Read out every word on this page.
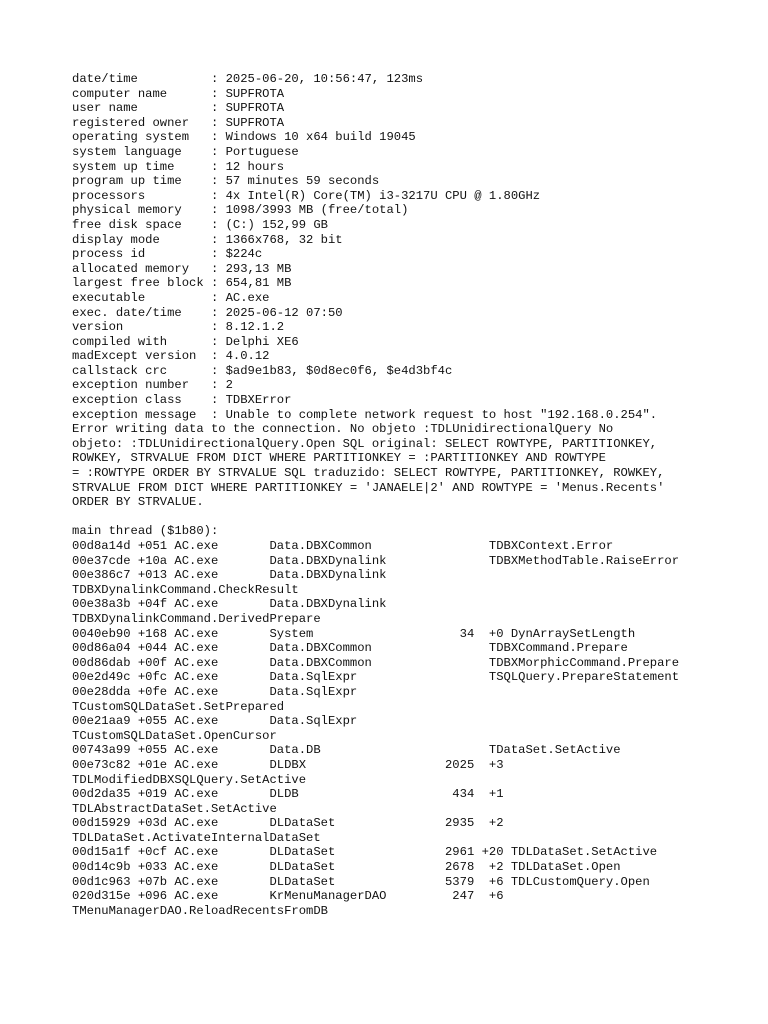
date/time          : 2025-06-20, 10:56:47, 123ms
computer name      : SUPFROTA
user name          : SUPFROTA
registered owner   : SUPFROTA
operating system   : Windows 10 x64 build 19045
system language    : Portuguese
system up time     : 12 hours
program up time    : 57 minutes 59 seconds
processors         : 4x Intel(R) Core(TM) i3-3217U CPU @ 1.80GHz
physical memory    : 1098/3993 MB (free/total)
free disk space    : (C:) 152,99 GB
display mode       : 1366x768, 32 bit
process id         : $224c
allocated memory   : 293,13 MB
largest free block : 654,81 MB
executable         : AC.exe
exec. date/time    : 2025-06-12 07:50
version            : 8.12.1.2
compiled with      : Delphi XE6
madExcept version  : 4.0.12
callstack crc      : $ad9e1b83, $0d8ec0f6, $e4d3bf4c
exception number   : 2
exception class    : TDBXError
exception message  : Unable to complete network request to host "192.168.0.254".
Error writing data to the connection. No objeto :TDLUnidirectionalQuery No
objeto: :TDLUnidirectionalQuery.Open SQL original: SELECT ROWTYPE, PARTITIONKEY,
ROWKEY, STRVALUE FROM DICT WHERE PARTITIONKEY = :PARTITIONKEY AND ROWTYPE
= :ROWTYPE ORDER BY STRVALUE SQL traduzido: SELECT ROWTYPE, PARTITIONKEY, ROWKEY,
STRVALUE FROM DICT WHERE PARTITIONKEY = 'JANAELE|2' AND ROWTYPE = 'Menus.Recents'
ORDER BY STRVALUE.
main thread ($1b80):
00d8a14d +051 AC.exe       Data.DBXCommon                TDBXContext.Error
00e37cde +10a AC.exe       Data.DBXDynalink              TDBXMethodTable.RaiseError
00e386c7 +013 AC.exe       Data.DBXDynalink
TDBXDynalinkCommand.CheckResult
00e38a3b +04f AC.exe       Data.DBXDynalink
TDBXDynalinkCommand.DerivedPrepare
0040eb90 +168 AC.exe       System                    34  +0 DynArraySetLength
00d86a04 +044 AC.exe       Data.DBXCommon                TDBXCommand.Prepare
00d86dab +00f AC.exe       Data.DBXCommon                TDBXMorphicCommand.Prepare
00e2d49c +0fc AC.exe       Data.SqlExpr                  TSQLQuery.PrepareStatement
00e28dda +0fe AC.exe       Data.SqlExpr
TCustomSQLDataSet.SetPrepared
00e21aa9 +055 AC.exe       Data.SqlExpr
TCustomSQLDataSet.OpenCursor
00743a99 +055 AC.exe       Data.DB                       TDataSet.SetActive
00e73c82 +01e AC.exe       DLDBX                   2025  +3
TDLModifiedDBXSQLQuery.SetActive
00d2da35 +019 AC.exe       DLDB                     434  +1
TDLAbstractDataSet.SetActive
00d15929 +03d AC.exe       DLDataSet               2935  +2
TDLDataSet.ActivateInternalDataSet
00d15a1f +0cf AC.exe       DLDataSet               2961 +20 TDLDataSet.SetActive
00d14c9b +033 AC.exe       DLDataSet               2678  +2 TDLDataSet.Open
00d1c963 +07b AC.exe       DLDataSet               5379  +6 TDLCustomQuery.Open
020d315e +096 AC.exe       KrMenuManagerDAO         247  +6
TMenuManagerDAO.ReloadRecentsFromDB
